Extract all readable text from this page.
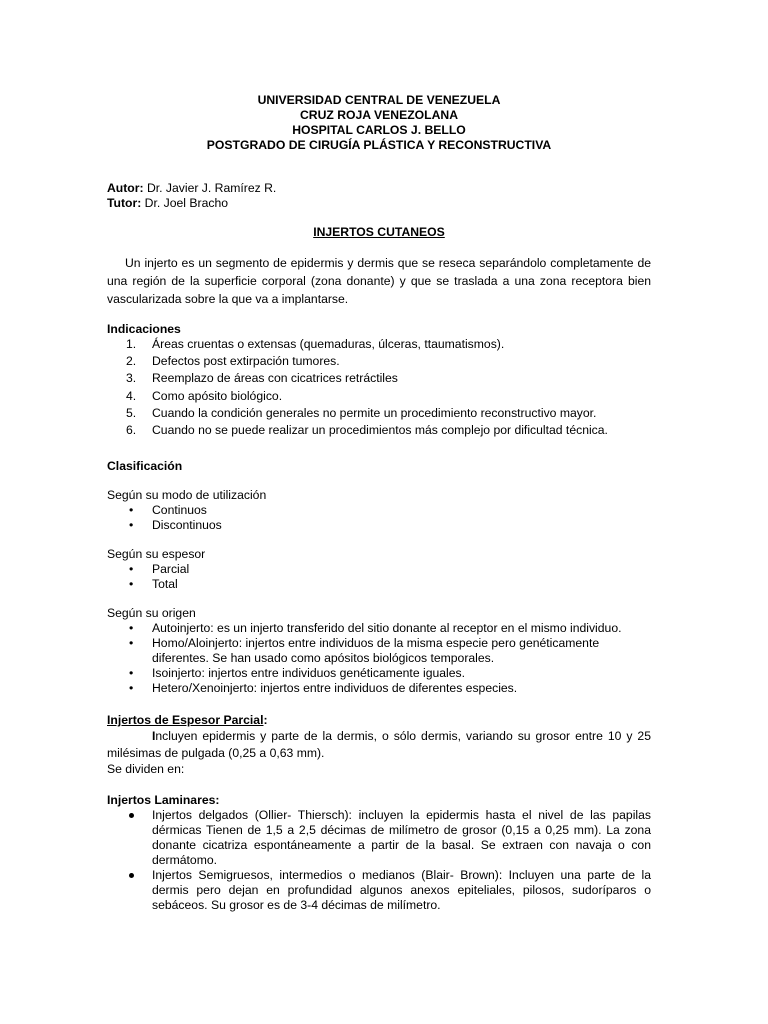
UNIVERSIDAD CENTRAL DE VENEZUELA
CRUZ ROJA VENEZOLANA
HOSPITAL CARLOS J. BELLO
POSTGRADO DE CIRUGÍA PLÁSTICA Y RECONSTRUCTIVA
Autor: Dr. Javier J. Ramírez R.
Tutor: Dr. Joel Bracho
INJERTOS CUTANEOS
Un injerto es un segmento de epidermis y dermis que se reseca separándolo completamente de una región de la superficie corporal (zona donante) y que se traslada a una zona receptora bien vascularizada sobre la que va a implantarse.
Indicaciones
1. Áreas cruentas o extensas (quemaduras, úlceras, ttaumatismos).
2. Defectos post extirpación tumores.
3. Reemplazo de áreas con cicatrices retráctiles
4. Como apósito biológico.
5. Cuando la condición generales no permite un procedimiento reconstructivo mayor.
6. Cuando no se puede realizar un procedimientos más complejo por dificultad técnica.
Clasificación
Según su modo de utilización
• Continuos
• Discontinuos
Según su espesor
• Parcial
• Total
Según su origen
• Autoinjerto: es un injerto transferido del sitio donante al receptor en el mismo individuo.
• Homo/Aloinjerto: injertos entre individuos de la misma especie pero genéticamente diferentes. Se han usado como apósitos biológicos temporales.
• Isoinjerto: injertos entre individuos genéticamente iguales.
• Hetero/Xenoinjerto: injertos entre individuos de diferentes especies.
Injertos de Espesor Parcial:
Incluyen epidermis y parte de la dermis, o sólo dermis, variando su grosor entre 10 y 25 milésimas de pulgada (0,25 a 0,63 mm).
Se dividen en:
Injertos Laminares:
Injertos delgados (Ollier- Thiersch): incluyen la epidermis hasta el nivel de las papilas dérmicas Tienen de 1,5 a 2,5 décimas de milímetro de grosor (0,15 a 0,25 mm). La zona donante cicatriza espontáneamente a partir de la basal. Se extraen con navaja o con dermátomo.
Injertos Semigruesos, intermedios o medianos (Blair- Brown): Incluyen una parte de la dermis pero dejan en profundidad algunos anexos epiteliales, pilosos, sudoríparos o sebáceos. Su grosor es de 3-4 décimas de milímetro.
